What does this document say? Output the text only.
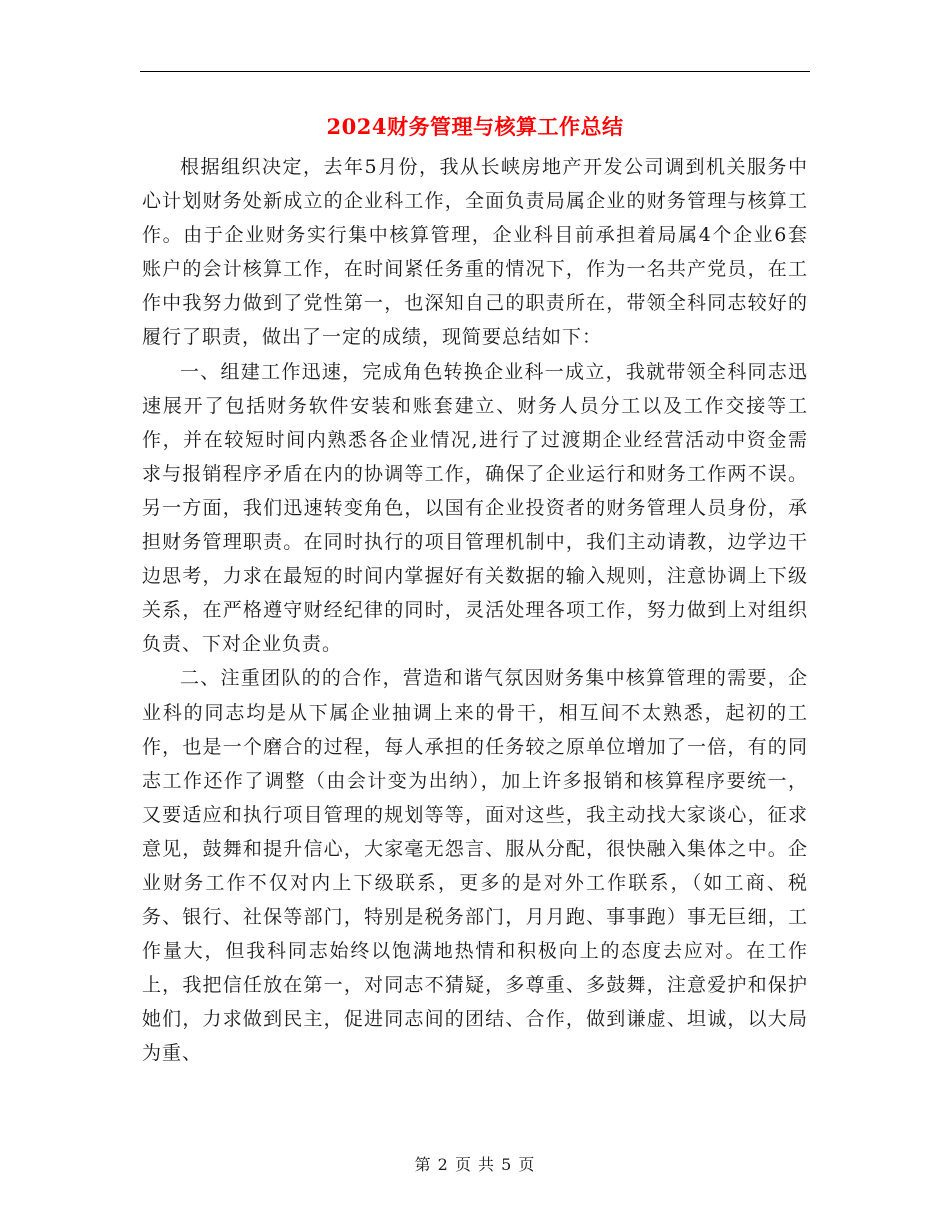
2024财务管理与核算工作总结

根据组织决定，去年5月份，我从长峡房地产开发公司调到机关服务中心计划财务处新成立的企业科工作，全面负责局属企业的财务管理与核算工作。由于企业财务实行集中核算管理，企业科目前承担着局属4个企业6套账户的会计核算工作，在时间紧任务重的情况下，作为一名共产党员，在工作中我努力做到了党性第一，也深知自己的职责所在，带领全科同志较好的履行了职责，做出了一定的成绩，现简要总结如下：

一、组建工作迅速，完成角色转换企业科一成立，我就带领全科同志迅速展开了包括财务软件安装和账套建立、财务人员分工以及工作交接等工作，并在较短时间内熟悉各企业情况,进行了过渡期企业经营活动中资金需求与报销程序矛盾在内的协调等工作，确保了企业运行和财务工作两不误。另一方面，我们迅速转变角色，以国有企业投资者的财务管理人员身份，承担财务管理职责。在同时执行的项目管理机制中，我们主动请教，边学边干边思考，力求在最短的时间内掌握好有关数据的输入规则，注意协调上下级关系，在严格遵守财经纪律的同时，灵活处理各项工作，努力做到上对组织负责、下对企业负责。

二、注重团队的的合作，营造和谐气氛因财务集中核算管理的需要，企业科的同志均是从下属企业抽调上来的骨干，相互间不太熟悉，起初的工作，也是一个磨合的过程，每人承担的任务较之原单位增加了一倍，有的同志工作还作了调整（由会计变为出纳），加上许多报销和核算程序要统一，又要适应和执行项目管理的规划等等，面对这些，我主动找大家谈心，征求意见，鼓舞和提升信心，大家毫无怨言、服从分配，很快融入集体之中。企业财务工作不仅对内上下级联系，更多的是对外工作联系，（如工商、税务、银行、社保等部门，特别是税务部门，月月跑、事事跑）事无巨细，工作量大，但我科同志始终以饱满地热情和积极向上的态度去应对。在工作上，我把信任放在第一，对同志不猜疑，多尊重、多鼓舞，注意爱护和保护她们，力求做到民主，促进同志间的团结、合作，做到谦虚、坦诚，以大局为重、

第 2 页 共 5 页
